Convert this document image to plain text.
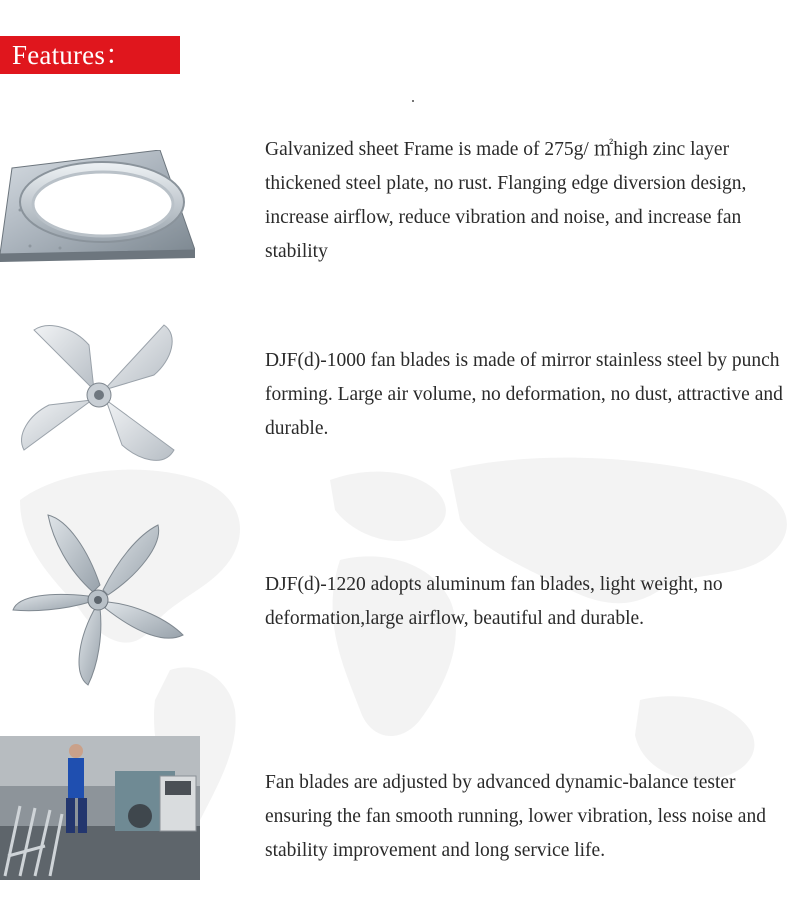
Features：
Galvanized sheet Frame is made of 275g/ ㎡high zinc layer thickened steel plate, no rust. Flanging edge diversion design, increase airflow, reduce vibration and noise, and increase fan stability
DJF(d)-1000 fan blades is made of mirror stainless steel by punch forming. Large air volume, no deformation, no dust, attractive and durable.
DJF(d)-1220 adopts aluminum fan blades, light weight, no deformation,large airflow, beautiful and durable.
Fan blades are adjusted by advanced dynamic-balance tester ensuring the fan smooth running, lower vibration, less noise and stability improvement and long service life.
